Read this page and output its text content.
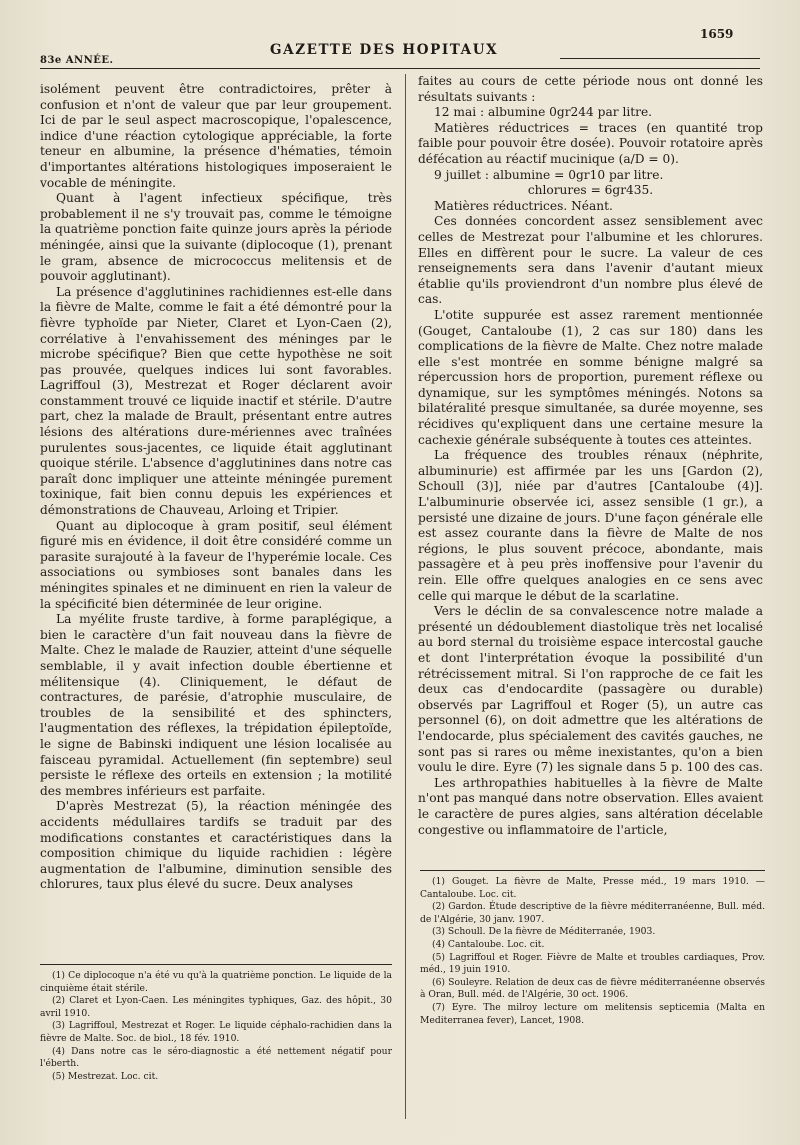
1659
GAZETTE DES HOPITAUX
83e ANNÉE.

isolément peuvent être contradictoires, prêter à confusion et n'ont de valeur que par leur groupement. Ici de par le seul aspect macroscopique, l'opalescence, indice d'une réaction cytologique appréciable, la forte teneur en albumine, la présence d'hématies, témoin d'importantes altérations histologiques imposeraient le vocable de méningite.

Quant à l'agent infectieux spécifique, très probablement il ne s'y trouvait pas, comme le témoigne la quatrième ponction faite quinze jours après la période méningée, ainsi que la suivante (diplocoque (1), prenant le gram, absence de micrococcus melitensis et de pouvoir agglutinant).

La présence d'agglutinines rachidiennes est-elle dans la fièvre de Malte, comme le fait a été démontré pour la fièvre typhoïde par Nieter, Claret et Lyon-Caen (2), corrélative à l'envahissement des méninges par le microbe spécifique? Bien que cette hypothèse ne soit pas prouvée, quelques indices lui sont favorables. Lagriffoul (3), Mestrezat et Roger déclarent avoir constamment trouvé ce liquide inactif et stérile. D'autre part, chez la malade de Brault, présentant entre autres lésions des altérations dure-mériennes avec traînées purulentes sous-jacentes, ce liquide était agglutinant quoique stérile. L'absence d'agglutinines dans notre cas paraît donc impliquer une atteinte méningée purement toxinique, fait bien connu depuis les expériences et démonstrations de Chauveau, Arloing et Tripier.

Quant au diplocoque à gram positif, seul élément figuré mis en évidence, il doit être considéré comme un parasite surajouté à la faveur de l'hyperémie locale. Ces associations ou symbioses sont banales dans les méningites spinales et ne diminuent en rien la valeur de la spécificité bien déterminée de leur origine.

La myélite fruste tardive, à forme paraplégique, a bien le caractère d'un fait nouveau dans la fièvre de Malte. Chez le malade de Rauzier, atteint d'une séquelle semblable, il y avait infection double ébertienne et mélitensique (4). Cliniquement, le défaut de contractures, de parésie, d'atrophie musculaire, de troubles de la sensibilité et des sphincters, l'augmentation des réflexes, la trépidation épileptoïde, le signe de Babinski indiquent une lésion localisée au faisceau pyramidal. Actuellement (fin septembre) seul persiste le réflexe des orteils en extension ; la motilité des membres inférieurs est parfaite.

D'après Mestrezat (5), la réaction méningée des accidents médullaires tardifs se traduit par des modifications constantes et caractéristiques dans la composition chimique du liquide rachidien : légère augmentation de l'albumine, diminution sensible des chlorures, taux plus élevé du sucre. Deux analyses

(1) Ce diplocoque n'a été vu qu'à la quatrième ponction. Le liquide de la cinquième était stérile.
(2) Claret et Lyon-Caen. Les méningites typhiques, Gaz. des hôpit., 30 avril 1910.
(3) Lagriffoul, Mestrezat et Roger. Le liquide céphalo-rachidien dans la fièvre de Malte. Soc. de biol., 18 fév. 1910.
(4) Dans notre cas le séro-diagnostic a été nettement négatif pour l'éberth.
(5) Mestrezat. Loc. cit.

faites au cours de cette période nous ont donné les résultats suivants :

12 mai : albumine 0gr244 par litre.

Matières réductrices = traces (en quantité trop faible pour pouvoir être dosée). Pouvoir rotatoire après défécation au réactif mucinique (a/D = 0).

9 juillet : albumine = 0gr10 par litre.

chlorures = 6gr435.

Matières réductrices. Néant.

Ces données concordent assez sensiblement avec celles de Mestrezat pour l'albumine et les chlorures. Elles en diffèrent pour le sucre. La valeur de ces renseignements sera dans l'avenir d'autant mieux établie qu'ils proviendront d'un nombre plus élevé de cas.

L'otite suppurée est assez rarement mentionnée (Gouget, Cantaloube (1), 2 cas sur 180) dans les complications de la fièvre de Malte. Chez notre malade elle s'est montrée en somme bénigne malgré sa répercussion hors de proportion, purement réflexe ou dynamique, sur les symptômes méningés. Notons sa bilatéralité presque simultanée, sa durée moyenne, ses récidives qu'expliquent dans une certaine mesure la cachexie générale subséquente à toutes ces atteintes.

La fréquence des troubles rénaux (néphrite, albuminurie) est affirmée par les uns [Gardon (2), Schoull (3)], niée par d'autres [Cantaloube (4)]. L'albuminurie observée ici, assez sensible (1 gr.), a persisté une dizaine de jours. D'une façon générale elle est assez courante dans la fièvre de Malte de nos régions, le plus souvent précoce, abondante, mais passagère et à peu près inoffensive pour l'avenir du rein. Elle offre quelques analogies en ce sens avec celle qui marque le début de la scarlatine.

Vers le déclin de sa convalescence notre malade a présenté un dédoublement diastolique très net localisé au bord sternal du troisième espace intercostal gauche et dont l'interprétation évoque la possibilité d'un rétrécissement mitral. Si l'on rapproche de ce fait les deux cas d'endocardite (passagère ou durable) observés par Lagriffoul et Roger (5), un autre cas personnel (6), on doit admettre que les altérations de l'endocarde, plus spécialement des cavités gauches, ne sont pas si rares ou même inexistantes, qu'on a bien voulu le dire. Eyre (7) les signale dans 5 p. 100 des cas.

Les arthropathies habituelles à la fièvre de Malte n'ont pas manqué dans notre observation. Elles avaient le caractère de pures algies, sans altération décelable congestive ou inflammatoire de l'article,

(1) Gouget. La fièvre de Malte, Presse méd., 19 mars 1910. — Cantaloube. Loc. cit.
(2) Gardon. Étude descriptive de la fièvre méditerranéenne, Bull. méd. de l'Algérie, 30 janv. 1907.
(3) Schoull. De la fièvre de Méditerranée, 1903.
(4) Cantaloube. Loc. cit.
(5) Lagriffoul et Roger. Fièvre de Malte et troubles cardiaques, Prov. méd., 19 juin 1910.
(6) Souleyre. Relation de deux cas de fièvre méditerranéenne observés à Oran, Bull. méd. de l'Algérie, 30 oct. 1906.
(7) Eyre. The milroy lecture om melitensis septicemia (Malta en Mediterranea fever), Lancet, 1908.
